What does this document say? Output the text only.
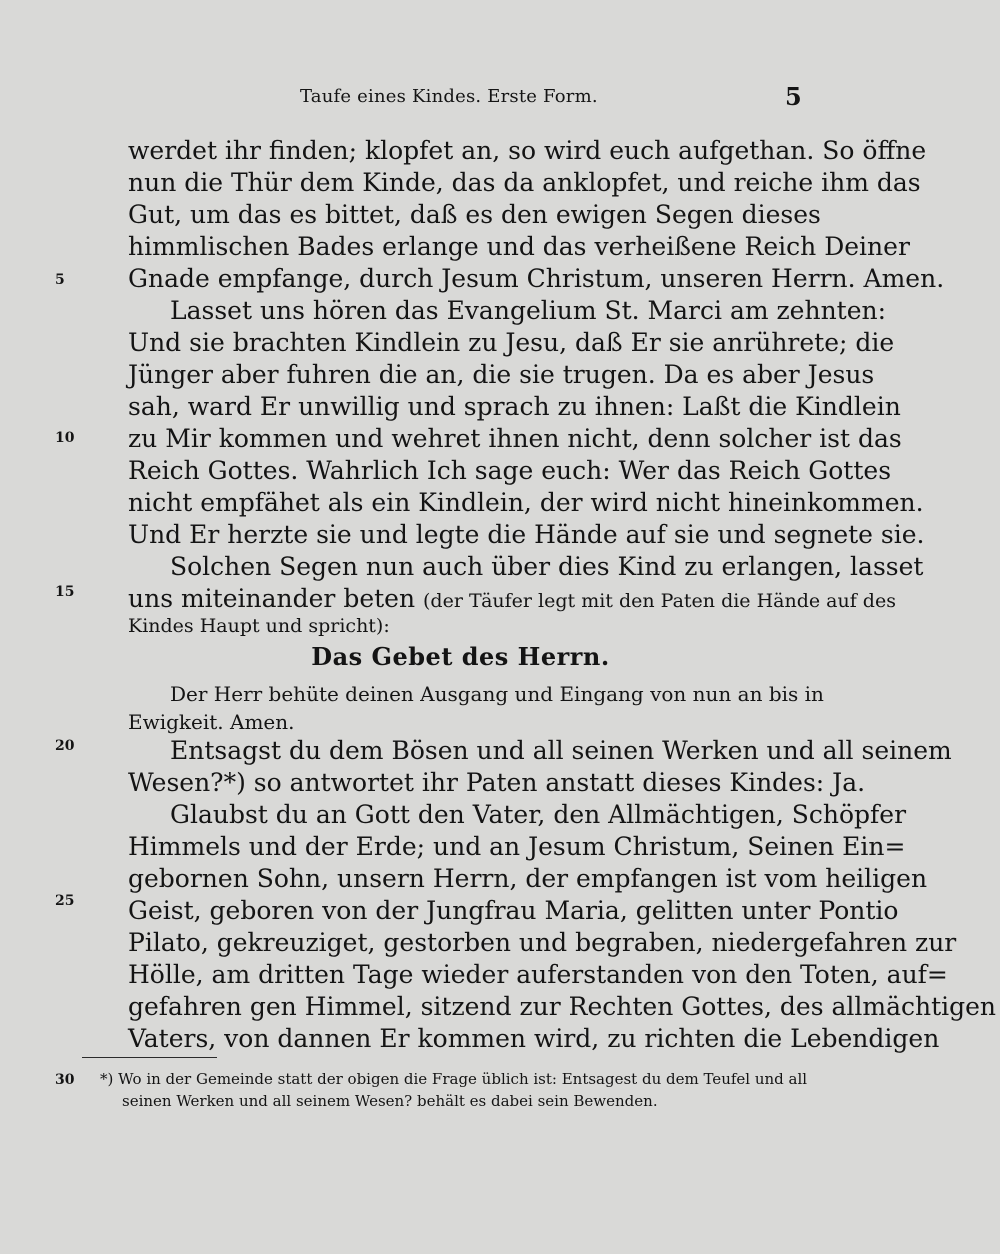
Taufe eines Kindes. Erste Form.	5
werdet ihr finden; klopfet an, so wird euch aufgethan. So öffne
nun die Thür dem Kinde, das da anklopfet, und reiche ihm das
Gut, um das es bittet, daß es den ewigen Segen dieses
himmlischen Bades erlange und das verheißene Reich Deiner
Gnade empfange, durch Jesum Christum, unseren Herrn. Amen.
Lasset uns hören das Evangelium St. Marci am zehnten:
Und sie brachten Kindlein zu Jesu, daß Er sie anrührete; die
Jünger aber fuhren die an, die sie trugen. Da es aber Jesus
sah, ward Er unwillig und sprach zu ihnen: Laßt die Kindlein
zu Mir kommen und wehret ihnen nicht, denn solcher ist das
Reich Gottes. Wahrlich Ich sage euch: Wer das Reich Gottes
nicht empfähet als ein Kindlein, der wird nicht hineinkommen.
Und Er herzte sie und legte die Hände auf sie und segnete sie.
Solchen Segen nun auch über dies Kind zu erlangen, lasset
uns miteinander beten (der Täufer legt mit den Paten die Hände auf des
Kindes Haupt und spricht):
Das Gebet des Herrn.
Der Herr behüte deinen Ausgang und Eingang von nun an bis in
Ewigkeit. Amen.
Entsagst du dem Bösen und all seinen Werken und all seinem
Wesen?*) so antwortet ihr Paten anstatt dieses Kindes: Ja.
Glaubst du an Gott den Vater, den Allmächtigen, Schöpfer
Himmels und der Erde; und an Jesum Christum, Seinen Ein=
gebornen Sohn, unsern Herrn, der empfangen ist vom heiligen
Geist, geboren von der Jungfrau Maria, gelitten unter Pontio
Pilato, gekreuziget, gestorben und begraben, niedergefahren zur
Hölle, am dritten Tage wieder auferstanden von den Toten, auf=
gefahren gen Himmel, sitzend zur Rechten Gottes, des allmächtigen
Vaters, von dannen Er kommen wird, zu richten die Lebendigen
5
10
15
20
25
30	*) Wo in der Gemeinde statt der obigen die Frage üblich ist: Entsagest du dem Teufel und all
seinen Werken und all seinem Wesen? behält es dabei sein Bewenden.
